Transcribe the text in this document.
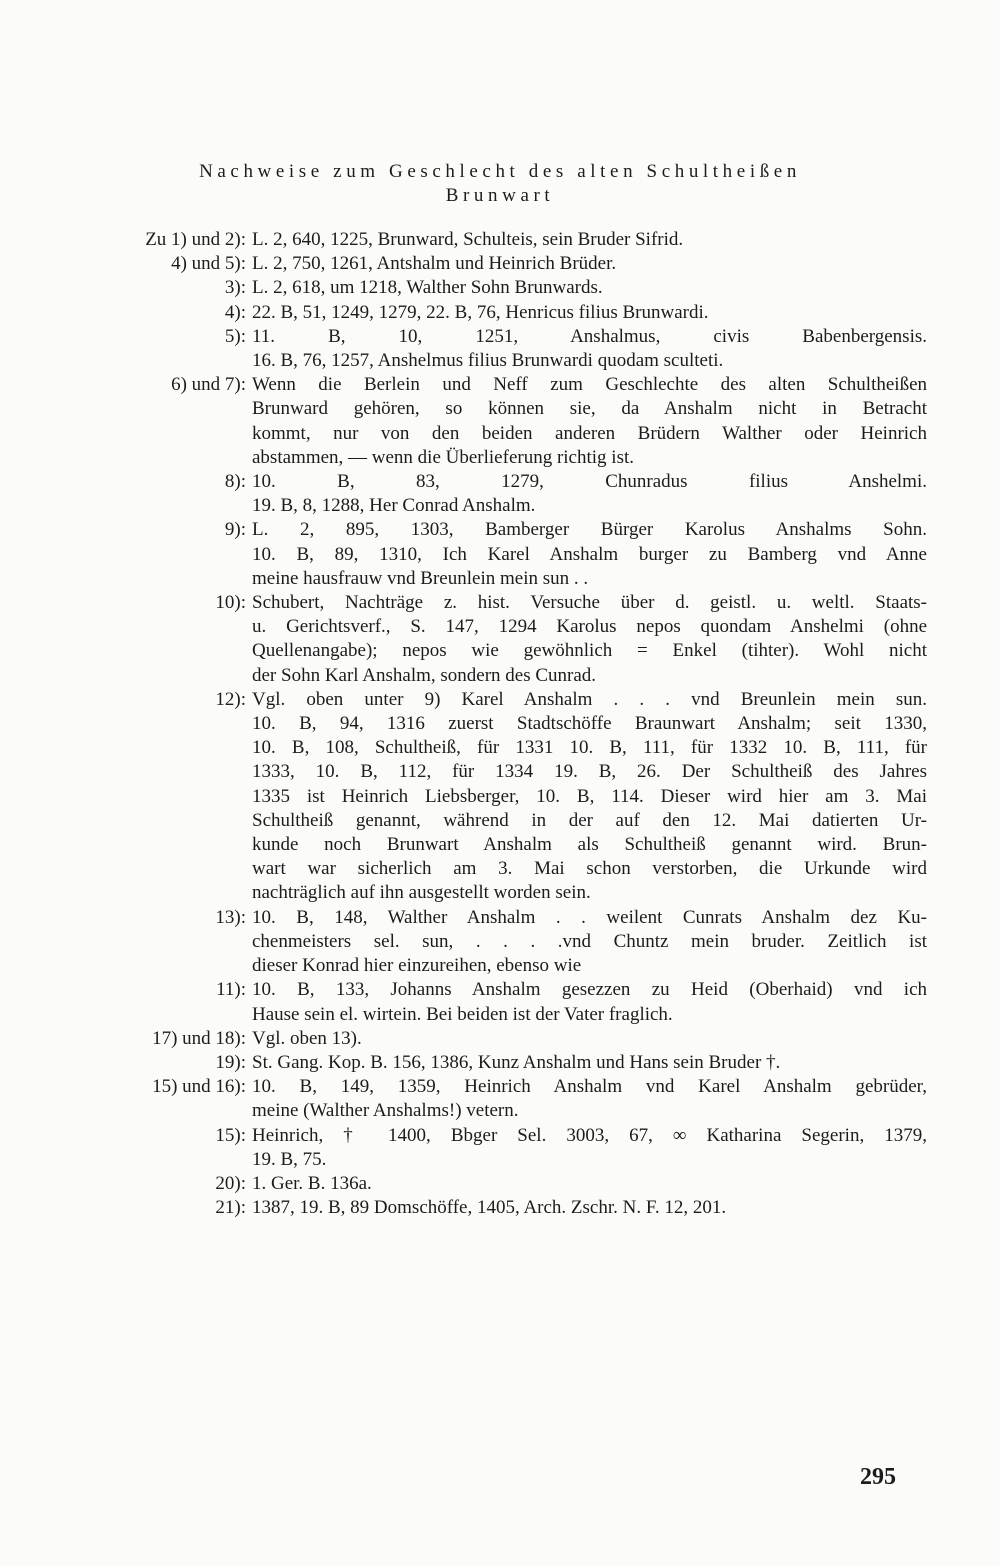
Nachweise zum Geschlecht des alten Schultheißen
Brunwart
Zu 1) und 2): L. 2, 640, 1225, Brunward, Schulteis, sein Bruder Sifrid.
4) und 5): L. 2, 750, 1261, Antshalm und Heinrich Brüder.
3): L. 2, 618, um 1218, Walther Sohn Brunwards.
4): 22. B, 51, 1249, 1279, 22. B, 76, Henricus filius Brunwardi.
5): 11. B, 10, 1251, Anshalmus, civis Babenbergensis.
16. B, 76, 1257, Anshelmus filius Brunwardi quodam sculteti.
6) und 7): Wenn die Berlein und Neff zum Geschlechte des alten Schultheißen
Brunward gehören, so können sie, da Anshalm nicht in Betracht
kommt, nur von den beiden anderen Brüdern Walther oder Heinrich
abstammen, — wenn die Überlieferung richtig ist.
8): 10. B, 83, 1279, Chunradus filius Anshelmi.
19. B, 8, 1288, Her Conrad Anshalm.
9): L. 2, 895, 1303, Bamberger Bürger Karolus Anshalms Sohn.
10. B, 89, 1310, Ich Karel Anshalm burger zu Bamberg vnd Anne
meine hausfrauw vnd Breunlein mein sun . .
10): Schubert, Nachträge z. hist. Versuche über d. geistl. u. weltl. Staats-
u. Gerichtsverf., S. 147, 1294 Karolus nepos quondam Anshelmi (ohne
Quellenangabe); nepos wie gewöhnlich = Enkel (tihter). Wohl nicht
der Sohn Karl Anshalm, sondern des Cunrad.
12): Vgl. oben unter 9) Karel Anshalm . . . vnd Breunlein mein sun.
10. B, 94, 1316 zuerst Stadtschöffe Braunwart Anshalm; seit 1330,
10. B, 108, Schultheiß, für 1331 10. B, 111, für 1332 10. B, 111, für
1333, 10. B, 112, für 1334 19. B, 26. Der Schultheiß des Jahres
1335 ist Heinrich Liebsberger, 10. B, 114. Dieser wird hier am 3. Mai
Schultheiß genannt, während in der auf den 12. Mai datierten Ur-
kunde noch Brunwart Anshalm als Schultheiß genannt wird. Brun-
wart war sicherlich am 3. Mai schon verstorben, die Urkunde wird
nachträglich auf ihn ausgestellt worden sein.
13): 10. B, 148, Walther Anshalm . . weilent Cunrats Anshalm dez Ku-
chenmeisters sel. sun, . . . .vnd Chuntz mein bruder. Zeitlich ist
dieser Konrad hier einzureihen, ebenso wie
11): 10. B, 133, Johanns Anshalm gesezzen zu Heid (Oberhaid) vnd ich
Hause sein el. wirtein. Bei beiden ist der Vater fraglich.
17) und 18): Vgl. oben 13).
19): St. Gang. Kop. B. 156, 1386, Kunz Anshalm und Hans sein Bruder †.
15) und 16): 10. B, 149, 1359, Heinrich Anshalm vnd Karel Anshalm gebrüder,
meine (Walther Anshalms!) vetern.
15): Heinrich, † 1400, Bbger Sel. 3003, 67, ∞ Katharina Segerin, 1379,
19. B, 75.
20): 1. Ger. B. 136a.
21): 1387, 19. B, 89 Domschöffe, 1405, Arch. Zschr. N. F. 12, 201.
295
